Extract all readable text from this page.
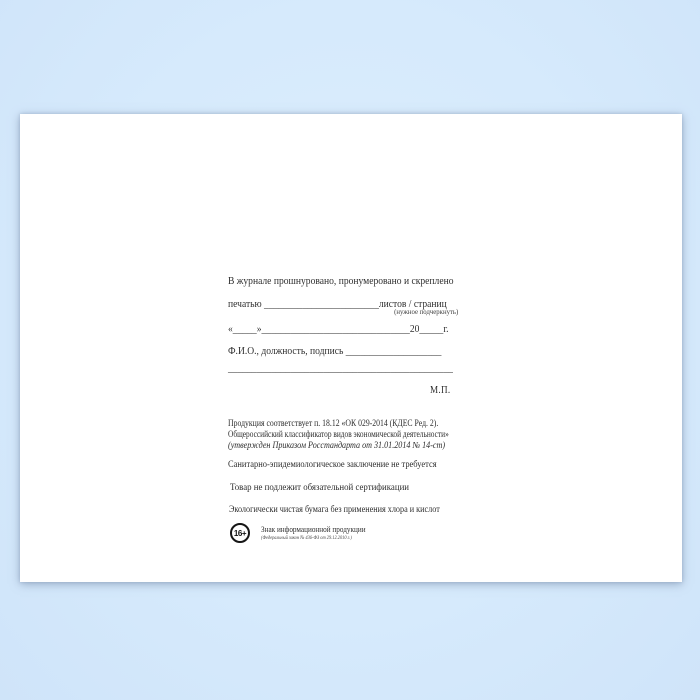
В журнале прошнуровано, пронумеровано и скреплено
печатью ________________________листов / страниц
(нужное подчеркнуть)
«_____»_______________________________20_____г.
Ф.И.О., должность, подпись ____________________
_______________________________________________
М.П.
Продукция соответствует п. 18.12 «ОК 029-2014 (КДЕС Ред. 2).
Общероссийский классификатор видов экономической деятельности»
(утвержден Приказом Росстандарта от 31.01.2014 № 14-ст)
Санитарно-эпидемиологическое заключение не требуется
Товар не подлежит обязательной сертификации
Экологически чистая бумага без применения хлора и кислот
16+	Знак информационной продукции
(Федеральный закон № 436-ФЗ от 29.12.2010 г.)
